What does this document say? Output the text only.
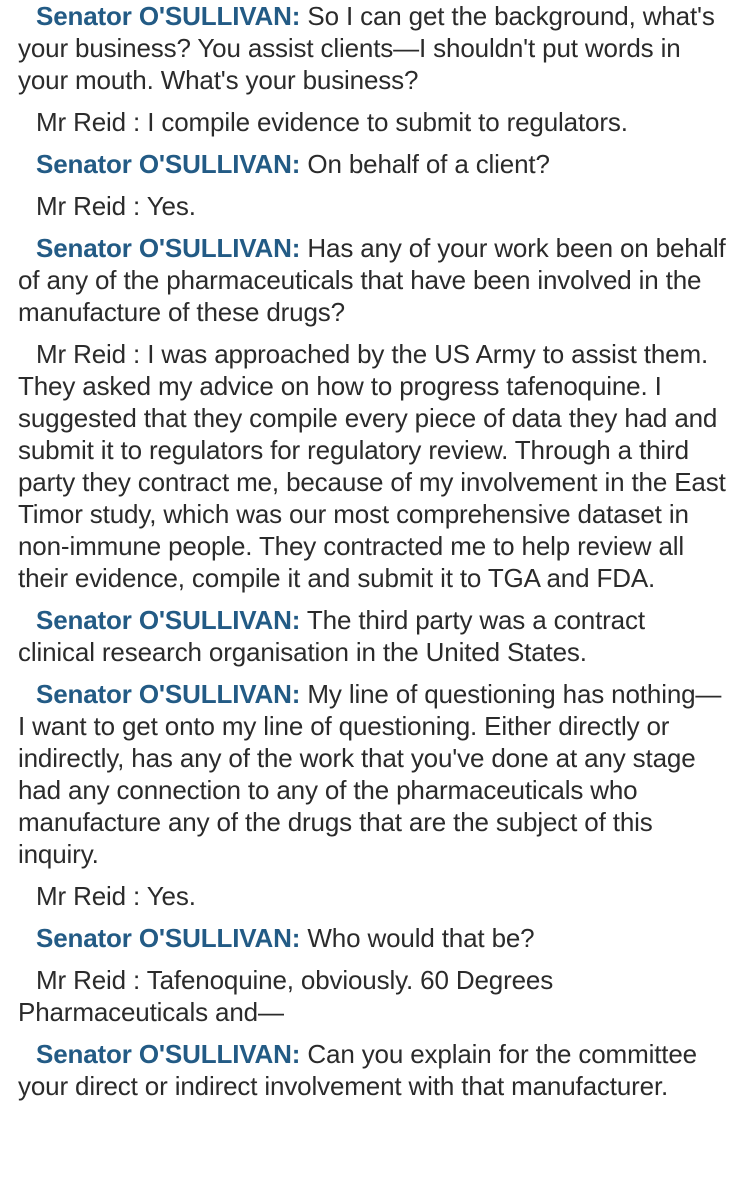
Senator O'SULLIVAN: So I can get the background, what's your business? You assist clients—I shouldn't put words in your mouth. What's your business?

Mr Reid : I compile evidence to submit to regulators.

Senator O'SULLIVAN: On behalf of a client?

Mr Reid : Yes.

Senator O'SULLIVAN: Has any of your work been on behalf of any of the pharmaceuticals that have been involved in the manufacture of these drugs?

Mr Reid : I was approached by the US Army to assist them. They asked my advice on how to progress tafenoquine. I suggested that they compile every piece of data they had and submit it to regulators for regulatory review. Through a third party they contract me, because of my involvement in the East Timor study, which was our most comprehensive dataset in non-immune people. They contracted me to help review all their evidence, compile it and submit it to TGA and FDA.

Senator O'SULLIVAN: The third party was a contract clinical research organisation in the United States.

Senator O'SULLIVAN: My line of questioning has nothing—I want to get onto my line of questioning. Either directly or indirectly, has any of the work that you've done at any stage had any connection to any of the pharmaceuticals who manufacture any of the drugs that are the subject of this inquiry.

Mr Reid : Yes.

Senator O'SULLIVAN: Who would that be?

Mr Reid : Tafenoquine, obviously. 60 Degrees Pharmaceuticals and—

Senator O'SULLIVAN: Can you explain for the committee your direct or indirect involvement with that manufacturer.
